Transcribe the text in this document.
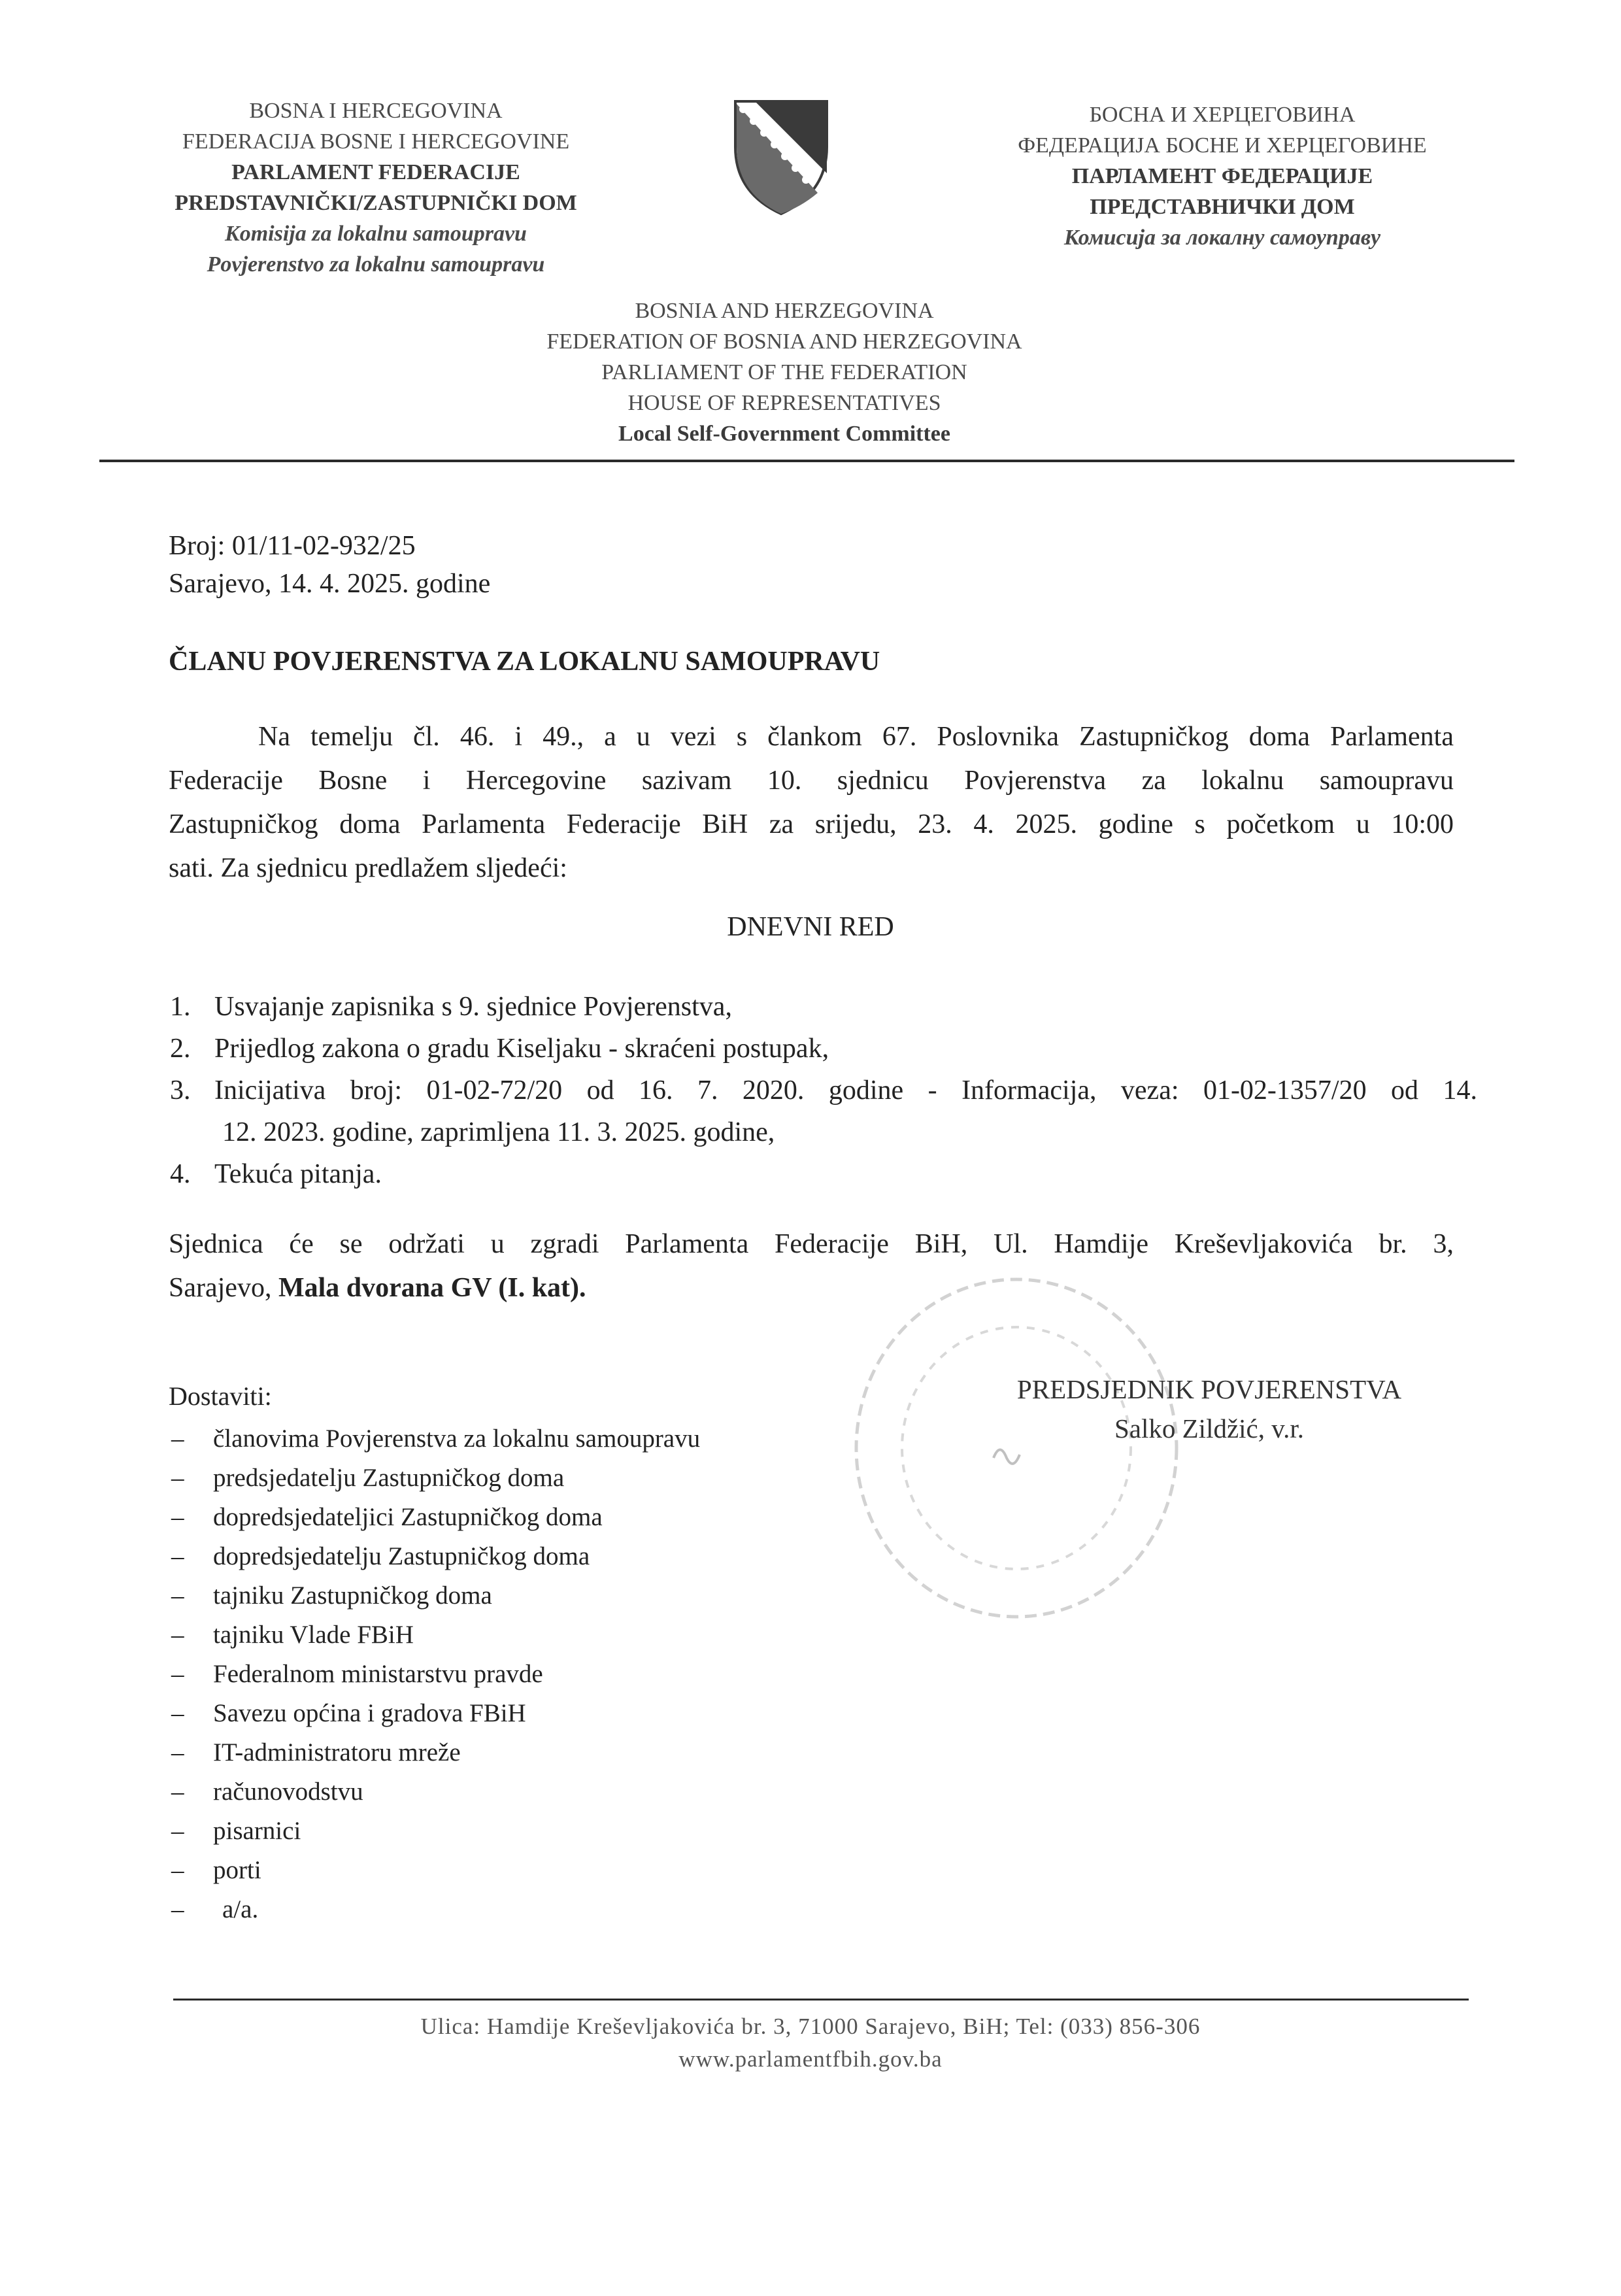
BOSNA I HERCEGOVINA
FEDERACIJA BOSNE I HERCEGOVINE
PARLAMENT FEDERACIJE
PREDSTAVNIČKI/ZASTUPNIČKI DOM
Komisija za lokalnu samoupravu
Povjerenstvo za lokalnu samoupravu
БОСНА И ХЕРЦЕГОВИНА
ФЕДЕРАЦИЈА БОСНЕ И ХЕРЦЕГОВИНЕ
ПАРЛАМЕНТ ФЕДЕРАЦИЈЕ
ПРЕДСТАВНИЧКИ ДОМ
Комисија за локалну самоуправу
BOSNIA AND HERZEGOVINA
FEDERATION OF BOSNIA AND HERZEGOVINA
PARLIAMENT OF THE FEDERATION
HOUSE OF REPRESENTATIVES
Local Self-Government Committee
Broj: 01/11-02-932/25
Sarajevo, 14. 4. 2025. godine
ČLANU POVJERENSTVA ZA LOKALNU SAMOUPRAVU
Na temelju čl. 46. i 49., a u vezi s člankom 67. Poslovnika Zastupničkog doma Parlamenta
Federacije Bosne i Hercegovine sazivam 10. sjednicu Povjerenstva za lokalnu samoupravu
Zastupničkog doma Parlamenta Federacije BiH za srijedu, 23. 4. 2025. godine s početkom u 10:00
sati. Za sjednicu predlažem sljedeći:
DNEVNI RED
1. Usvajanje zapisnika s 9. sjednice Povjerenstva,
2. Prijedlog zakona o gradu Kiseljaku - skraćeni postupak,
3. Inicijativa broj: 01-02-72/20 od 16. 7. 2020. godine - Informacija, veza: 01-02-1357/20 od 14.
12. 2023. godine, zaprimljena 11. 3. 2025. godine,
4. Tekuća pitanja.
Sjednica će se održati u zgradi Parlamenta Federacije BiH, Ul. Hamdije Kreševljakovića br. 3,
Sarajevo, Mala dvorana GV (I. kat).
PREDSJEDNIK POVJERENSTVA
Salko Zildžić, v.r.
Dostaviti:
– članovima Povjerenstva za lokalnu samoupravu
– predsjedatelju Zastupničkog doma
– dopredsjedateljici Zastupničkog doma
– dopredsjedatelju Zastupničkog doma
– tajniku Zastupničkog doma
– tajniku Vlade FBiH
– Federalnom ministarstvu pravde
– Savezu općina i gradova FBiH
– IT-administratoru mreže
– računovodstvu
– pisarnici
– porti
– a/a.
Ulica: Hamdije Kreševljakovića br. 3, 71000 Sarajevo, BiH; Tel: (033) 856-306
www.parlamentfbih.gov.ba
